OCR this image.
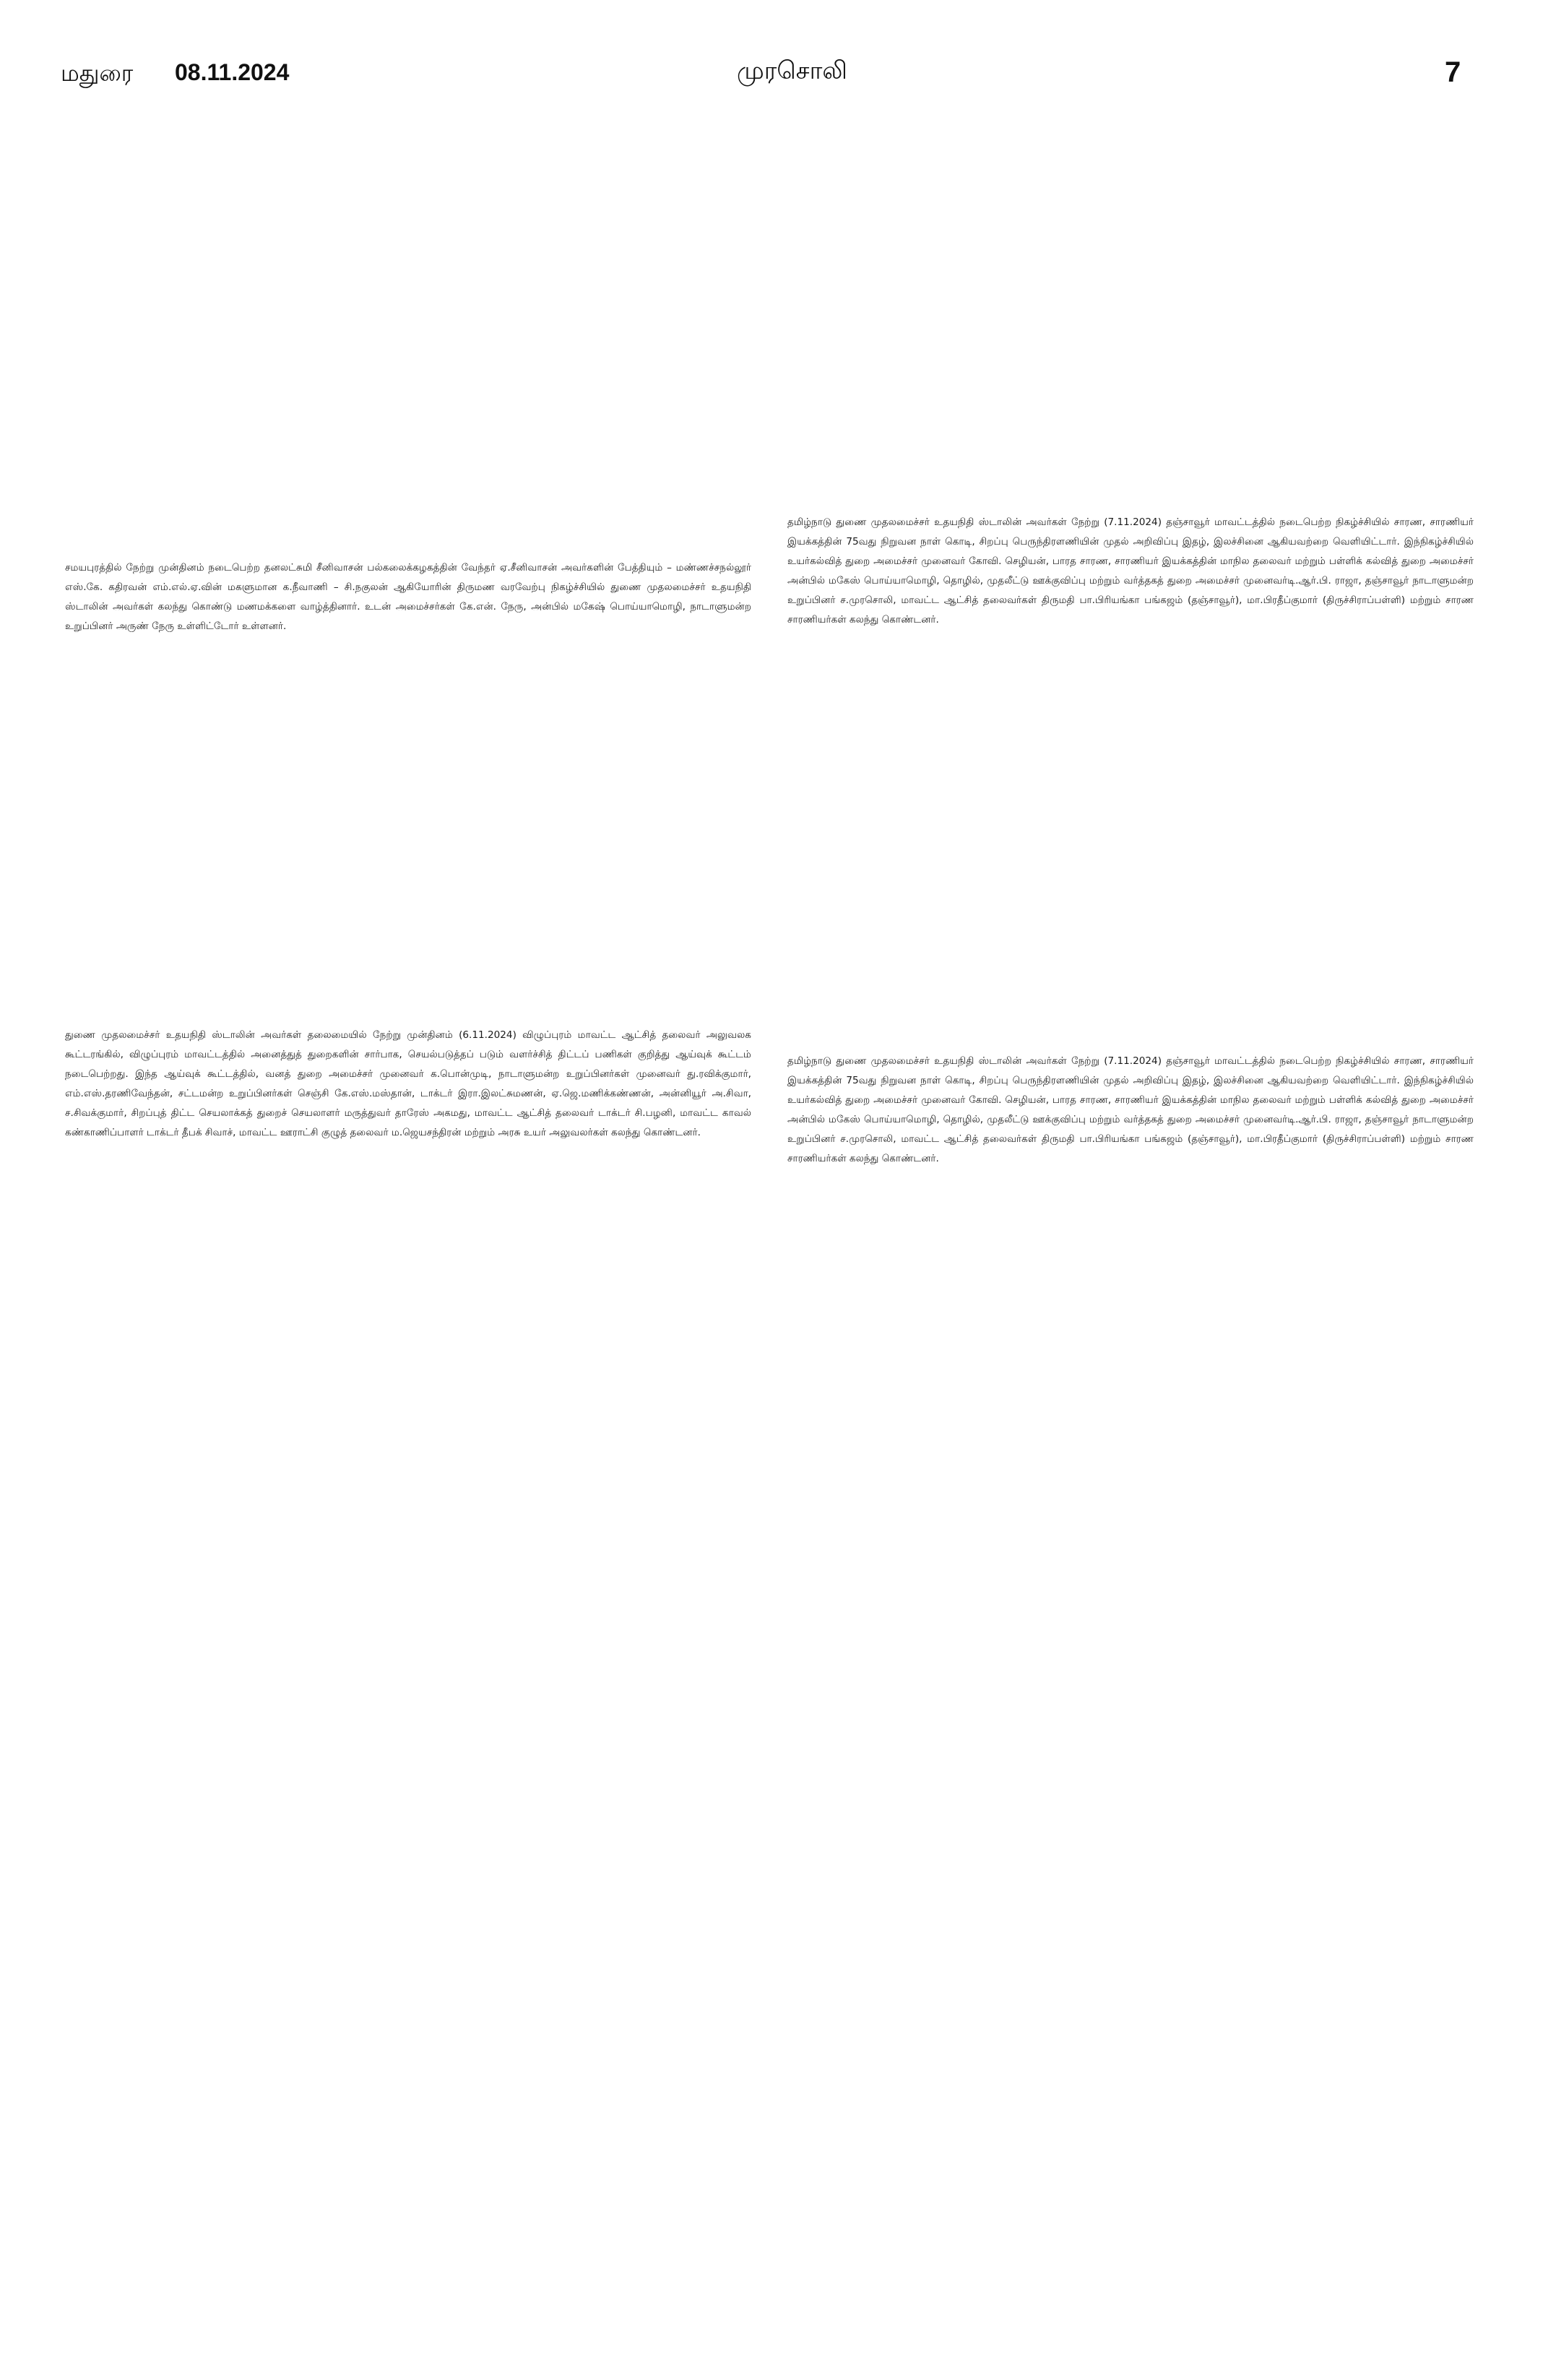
மதுரை 08.11.2024	முரசொலி	7

சமயபுரத்தில் நேற்று முன்தினம் நடைபெற்ற தனலட்சுமி சீனிவாசன் பல்கலைக்கழகத்தின் வேந்தர் ஏ.சீனிவாசன் அவர்களின் பேத்தியும் – மண்ணச்சநல்லூர் எஸ்.கே. கதிரவன் எம்.எல்.ஏ.வின் மகளுமான க.நீவாணி – சி.நகுலன் ஆகியோரின் திருமண வரவேற்பு நிகழ்ச்சியில் துணை முதலமைச்சர் உதயநிதி ஸ்டாலின் அவர்கள் கலந்து கொண்டு மணமக்களை வாழ்த்தினார். உடன் அமைச்சர்கள் கே.என். நேரு, அன்பில் மகேஷ் பொய்யாமொழி, நாடாளுமன்ற உறுப்பினர் அருண் நேரு உள்ளிட்டோர் உள்ளனர்.

தமிழ்நாடு துணை முதலமைச்சர் உதயநிதி ஸ்டாலின் அவர்கள் நேற்று (7.11.2024) தஞ்சாவூர் மாவட்டத்தில் நடைபெற்ற நிகழ்ச்சியில் சாரண, சாரணியர் இயக்கத்தின் 75வது நிறுவன நாள் கொடி, சிறப்பு பெருந்திரளணியின் முதல் அறிவிப்பு இதழ், இலச்சினை ஆகியவற்றை வெளியிட்டார். இந்நிகழ்ச்சியில் உயர்கல்வித் துறை அமைச்சர் முனைவர் கோவி. செழியன், பாரத சாரண, சாரணியர் இயக்கத்தின் மாநில தலைவர் மற்றும் பள்ளிக் கல்வித் துறை அமைச்சர் அன்பில் மகேஸ் பொய்யாமொழி, தொழில், முதலீட்டு ஊக்குவிப்பு மற்றும் வர்த்தகத் துறை அமைச்சர் முனைவர்டி.ஆர்.பி. ராஜா, தஞ்சாவூர் நாடாளுமன்ற உறுப்பினர் ச.முரசொலி, மாவட்ட ஆட்சித் தலைவர்கள் திருமதி பா.பிரியங்கா பங்கஜம் (தஞ்சாவூர்), மா.பிரதீப்குமார் (திருச்சிராப்பள்ளி) மற்றும் சாரண சாரணியர்கள் கலந்து கொண்டனர்.

துணை முதலமைச்சர் உதயநிதி ஸ்டாலின் அவர்கள் தலைமையில் நேற்று முன்தினம் (6.11.2024) விழுப்புரம் மாவட்ட ஆட்சித் தலைவர் அலுவலக கூட்டரங்கில், விழுப்புரம் மாவட்டத்தில் அனைத்துத் துறைகளின் சார்பாக, செயல்படுத்தப் படும் வளர்ச்சித் திட்டப் பணிகள் குறித்து ஆய்வுக் கூட்டம் நடைபெற்றது. இந்த ஆய்வுக் கூட்டத்தில், வனத் துறை அமைச்சர் முனைவர் க.பொன்முடி, நாடாளுமன்ற உறுப்பினர்கள் முனைவர் து.ரவிக்குமார், எம்.எஸ்.தரணிவேந்தன், சட்டமன்ற உறுப்பினர்கள் செஞ்சி கே.எஸ்.மஸ்தான், டாக்டர் இரா.இலட்சுமணன், ஏ.ஜெ.மணிக்கண்ணன், அன்னியூர் அ.சிவா, ச.சிவக்குமார், சிறப்புத் திட்ட செயலாக்கத் துறைச் செயலாளர் மருத்துவர் தாரேஸ் அகமது, மாவட்ட ஆட்சித் தலைவர் டாக்டர் சி.பழனி, மாவட்ட காவல் கண்காணிப்பாளர் டாக்டர் தீபக் சிவாச், மாவட்ட ஊராட்சி குழுத் தலைவர் ம.ஜெயசந்திரன் மற்றும் அரசு உயர் அலுவலர்கள் கலந்து கொண்டனர்.

தமிழ்நாடு துணை முதலமைச்சர் உதயநிதி ஸ்டாலின் அவர்கள் நேற்று (7.11.2024) தஞ்சாவூர் மாவட்டத்தில் நடைபெற்ற நிகழ்ச்சியில் சாரண, சாரணியர் இயக்கத்தின் 75வது நிறுவன நாள் கொடி, சிறப்பு பெருந்திரளணியின் முதல் அறிவிப்பு இதழ், இலச்சினை ஆகியவற்றை வெளியிட்டார். இந்நிகழ்ச்சியில் உயர்கல்வித் துறை அமைச்சர் முனைவர் கோவி. செழியன், பாரத சாரண, சாரணியர் இயக்கத்தின் மாநில தலைவர் மற்றும் பள்ளிக் கல்வித் துறை அமைச்சர் அன்பில் மகேஸ் பொய்யாமொழி, தொழில், முதலீட்டு ஊக்குவிப்பு மற்றும் வர்த்தகத் துறை அமைச்சர் முனைவர்டி.ஆர்.பி. ராஜா, தஞ்சாவூர் நாடாளுமன்ற உறுப்பினர் ச.முரசொலி, மாவட்ட ஆட்சித் தலைவர்கள் திருமதி பா.பிரியங்கா பங்கஜம் (தஞ்சாவூர்), மா.பிரதீப்குமார் (திருச்சிராப்பள்ளி) மற்றும் சாரண சாரணியர்கள் கலந்து கொண்டனர்.
